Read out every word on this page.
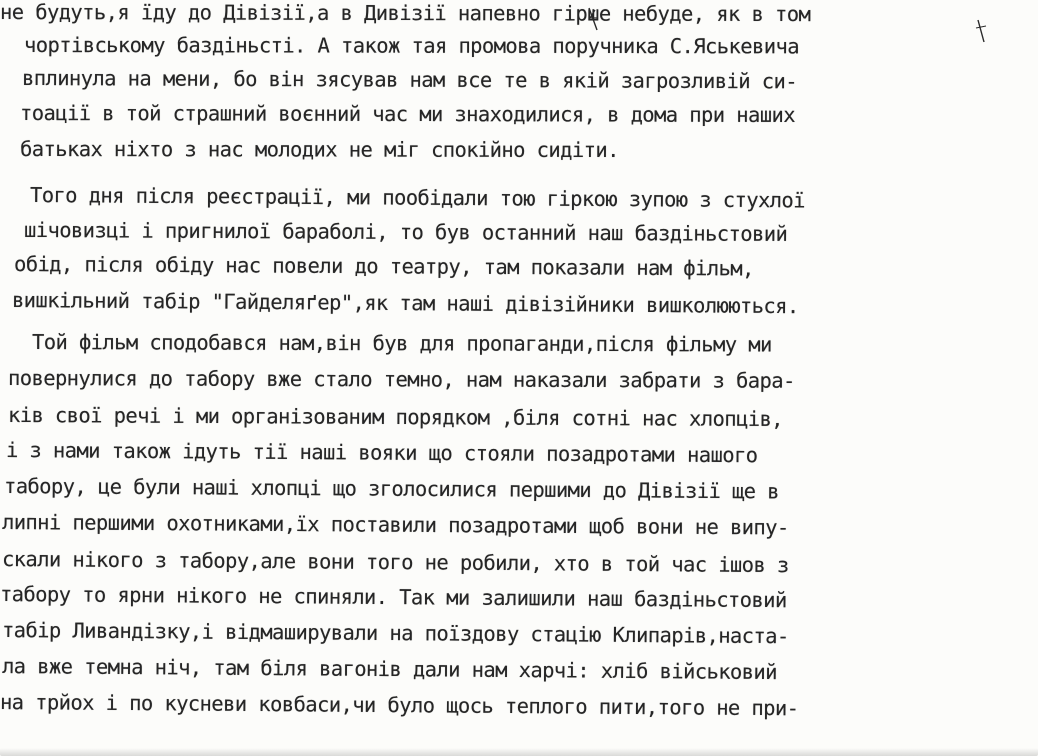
не будуть,я їду до Дівізії,а в Дивізії напевно гірше небуде, як в том
чортівському баздіньсті. А також тая промова поручника С.Яськевича
вплинула на мени, бо він зясував нам все те в якій загрозливій си-
тоації в той страшний воєнний час ми знаходилися, в дома при наших
батьках ніхто з нас молодих не міг спокійно сидіти.
Того дня після реєстрації, ми пообідали тою гіркою зупою з стухлої
шічовизці і пригнилої бараболі, то був останний наш баздіньстовий
обід, після обіду нас повели до театру, там показали нам фільм,
вишкільний табір "Гайделяґер",як там наші дівізійники вишколюються.
Той фільм сподобався нам,він був для пропаганди,після фільму ми
повернулися до табору вже стало темно, нам наказали забрати з бара-
ків свої речі і ми організованим порядком ,біля сотні нас хлопців,
і з нами також ідуть тії наші вояки що стояли позадротами нашого
табору, це були наші хлопці що зголосилися першими до Дівізії ще в
липні першими охотниками,їх поставили позадротами щоб вони не випу-
скали нікого з табору,але вони того не робили, хто в той час ішов з
табору то ярни нікого не спиняли. Так ми залишили наш баздіньстовий
табір Ливандізку,і відмаширували на поїздову стацію Клипарів,наста-
ла вже темна ніч, там біля вагонів дали нам харчі: хліб військовий
на трйох і по кусневи ковбаси,чи було щось теплого пити,того не при-
